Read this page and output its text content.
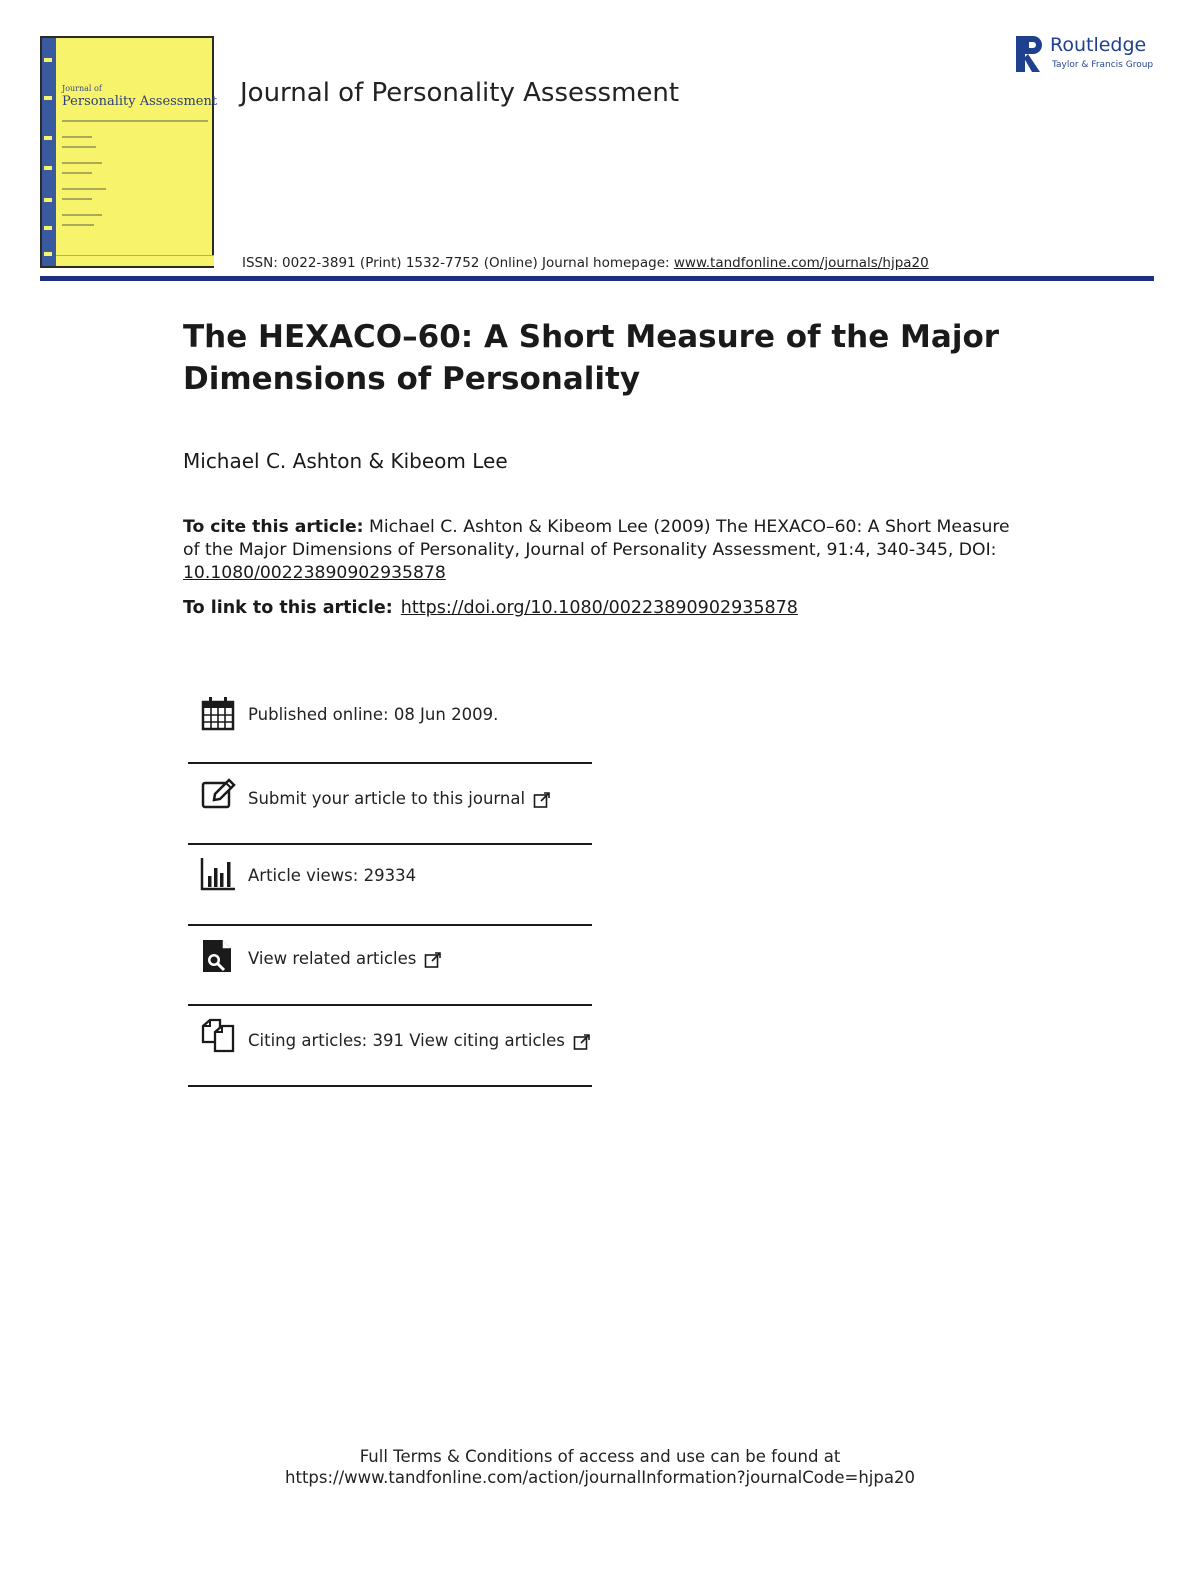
Journal of
Personality Assessment Journal of Personality Assessment
ISSN: 0022-3891 (Print) 1532-7752 (Online) Journal homepage: www.tandfonline.com/journals/hjpa20
Routledge
Taylor & Francis Group
The HEXACO–60: A Short Measure of the Major Dimensions of Personality
Michael C. Ashton & Kibeom Lee
To cite this article: Michael C. Ashton & Kibeom Lee (2009) The HEXACO–60: A Short Measure of the Major Dimensions of Personality, Journal of Personality Assessment, 91:4, 340-345, DOI: 10.1080/00223890902935878
To link to this article: https://doi.org/10.1080/00223890902935878
Published online: 08 Jun 2009.
Submit your article to this journal
Article views: 29334
View related articles
Citing articles: 391 View citing articles
Full Terms & Conditions of access and use can be found at
https://www.tandfonline.com/action/journalInformation?journalCode=hjpa20
